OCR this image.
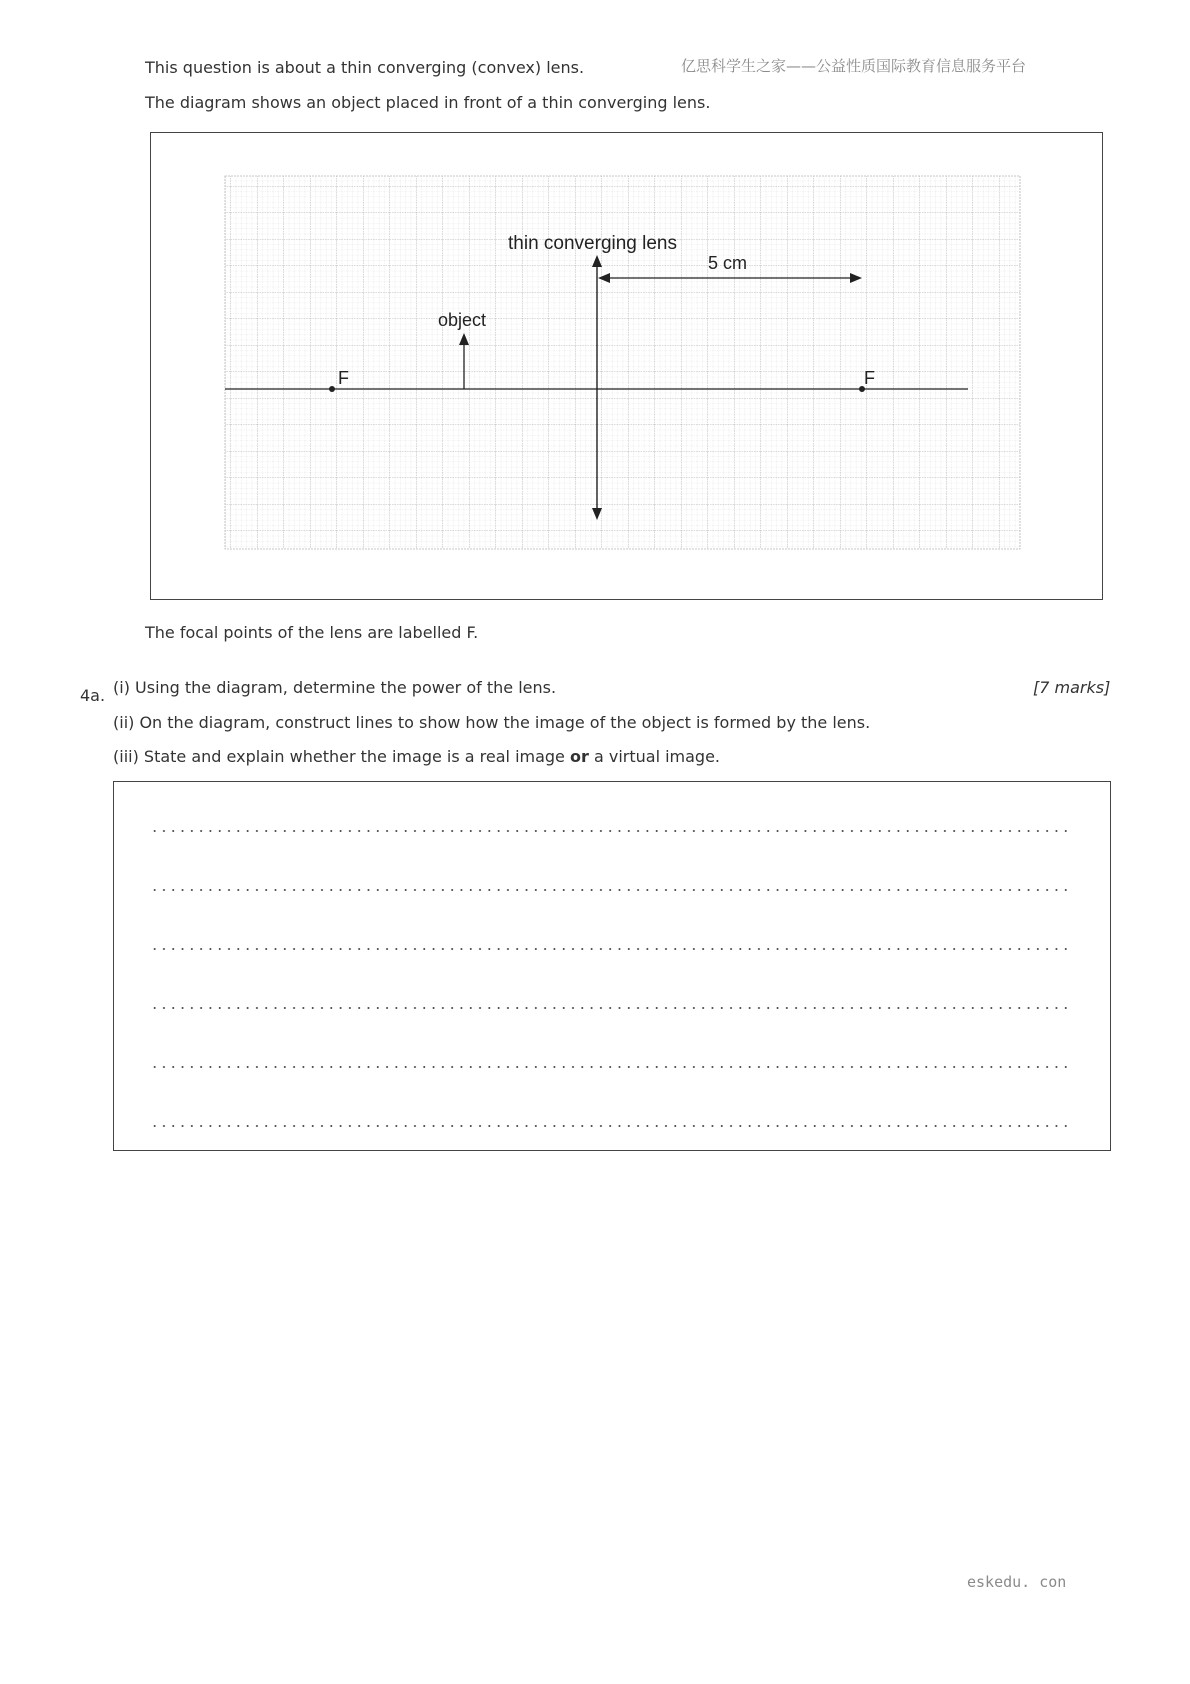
亿思科学生之家——公益性质国际教育信息服务平台
This question is about a thin converging (convex) lens.
The diagram shows an object placed in front of a thin converging lens.
thin converging lens
5 cm
object
F	F
The focal points of the lens are labelled F.
4a. (i) Using the diagram, determine the power of the lens.	[7 marks]
(ii) On the diagram, construct lines to show how the image of the object is formed by the lens.
(iii) State and explain whether the image is a real image or a virtual image.
eskedu. con
